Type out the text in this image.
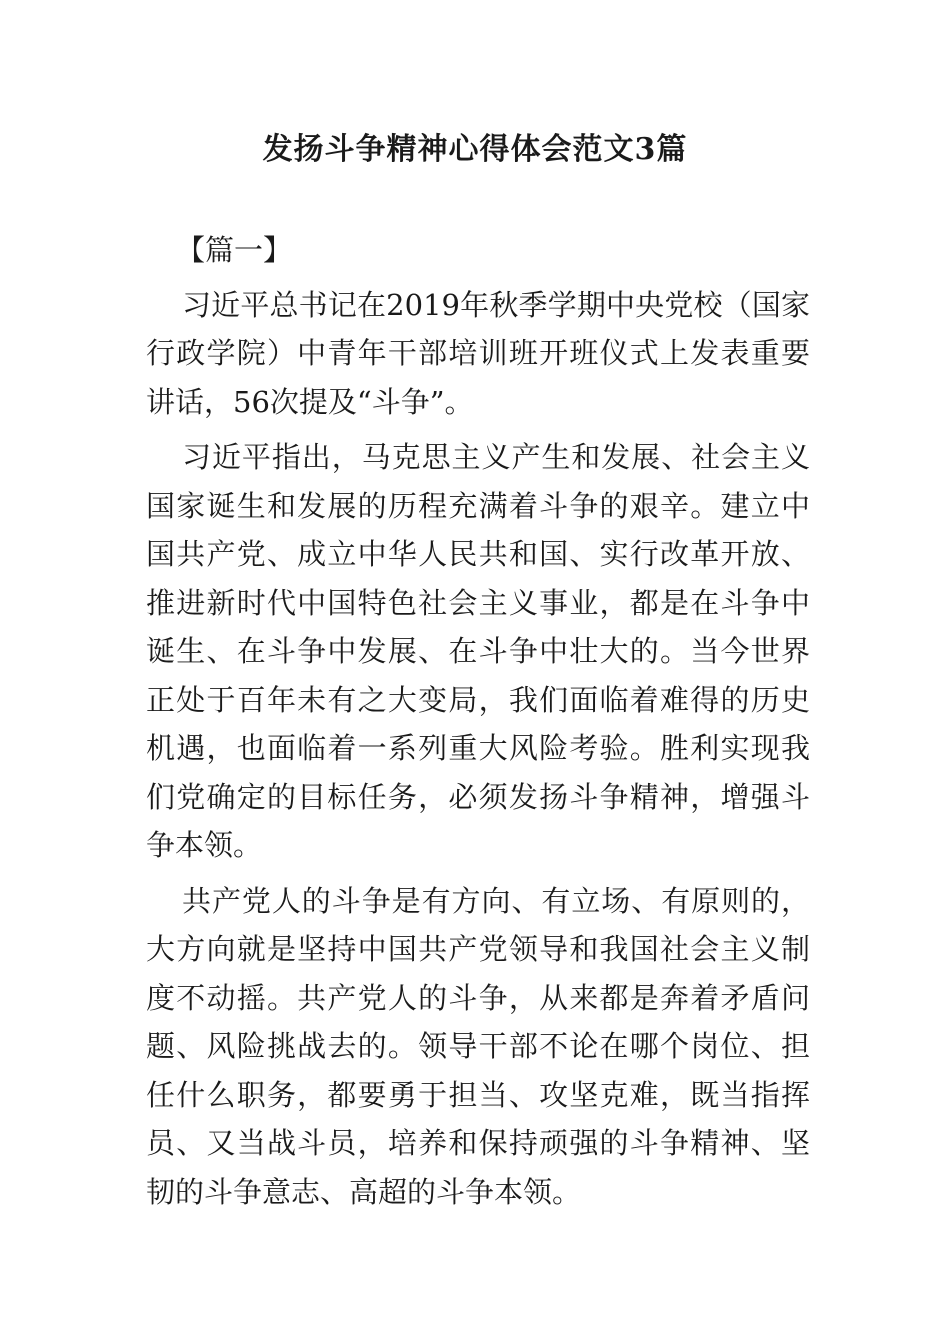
发扬斗争精神心得体会范文3篇

【篇一】

习近平总书记在2019年秋季学期中央党校（国家行政学院）中青年干部培训班开班仪式上发表重要讲话，56次提及“斗争”。

习近平指出，马克思主义产生和发展、社会主义国家诞生和发展的历程充满着斗争的艰辛。建立中国共产党、成立中华人民共和国、实行改革开放、推进新时代中国特色社会主义事业，都是在斗争中诞生、在斗争中发展、在斗争中壮大的。当今世界正处于百年未有之大变局，我们面临着难得的历史机遇，也面临着一系列重大风险考验。胜利实现我们党确定的目标任务，必须发扬斗争精神，增强斗争本领。

共产党人的斗争是有方向、有立场、有原则的，大方向就是坚持中国共产党领导和我国社会主义制度不动摇。共产党人的斗争，从来都是奔着矛盾问题、风险挑战去的。领导干部不论在哪个岗位、担任什么职务，都要勇于担当、攻坚克难，既当指挥员、又当战斗员，培养和保持顽强的斗争精神、坚韧的斗争意志、高超的斗争本领。
